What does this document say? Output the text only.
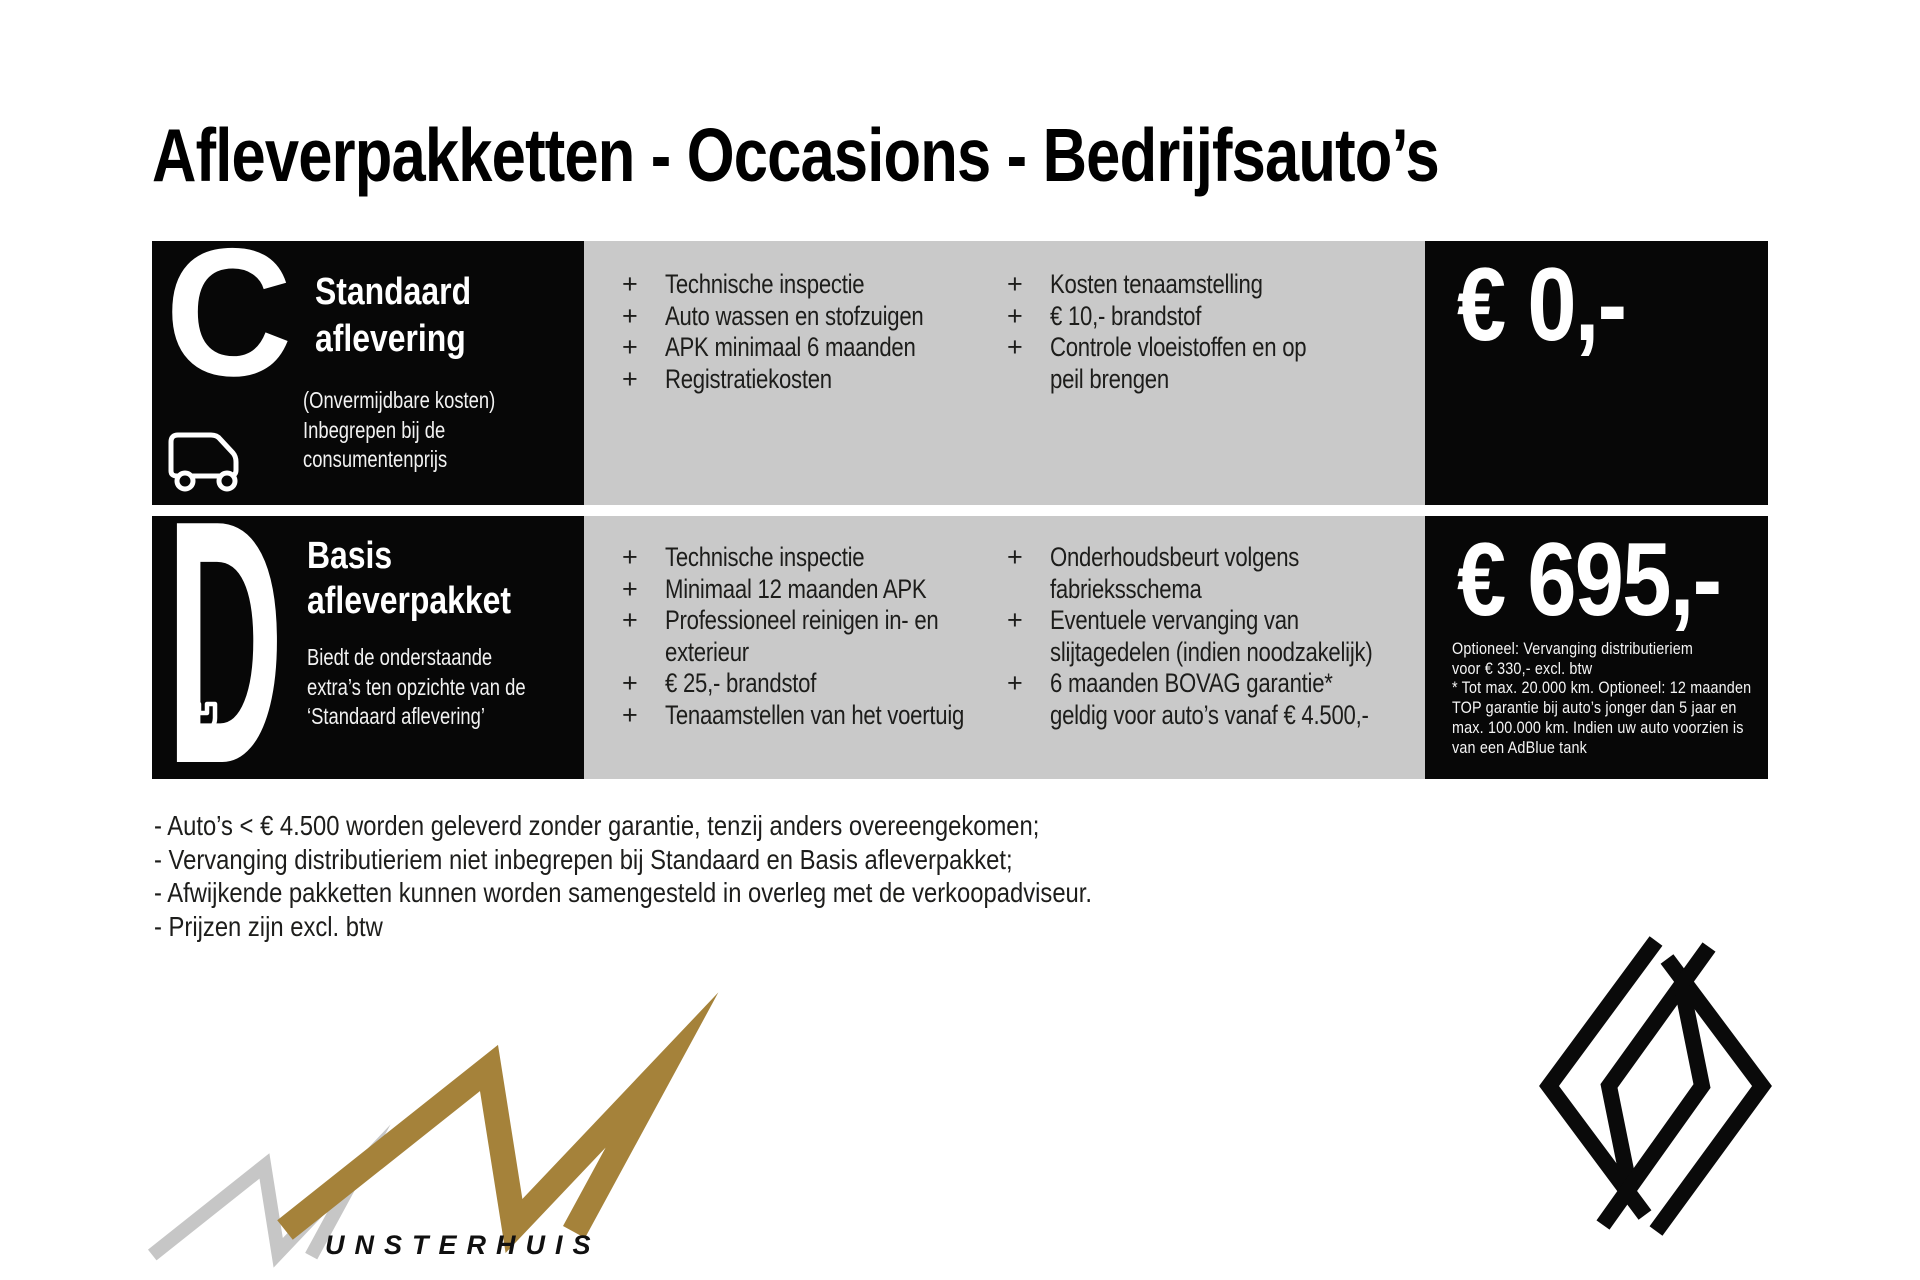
Afleverpakketten - Occasions - Bedrijfsauto’s
C Standaard
aflevering
(Onvermijdbare kosten)
Inbegrepen bij de
consumentenprijs
+ Technische inspectie
+ Auto wassen en stofzuigen
+ APK minimaal 6 maanden
+ Registratiekosten
+ Kosten tenaamstelling
+ € 10,- brandstof
+ Controle vloeistoffen en op
peil brengen
€ 0,-
D Basis
afleverpakket
Biedt de onderstaande
extra’s ten opzichte van de
‘Standaard aflevering’
+ Technische inspectie
+ Minimaal 12 maanden APK
+ Professioneel reinigen in- en
exterieur
+ € 25,- brandstof
+ Tenaamstellen van het voertuig
+ Onderhoudsbeurt volgens
fabrieksschema
+ Eventuele vervanging van
slijtagedelen (indien noodzakelijk)
+ 6 maanden BOVAG garantie*
geldig voor auto’s vanaf € 4.500,-
€ 695,-
Optioneel: Vervanging distributieriem
voor € 330,- excl. btw
* Tot max. 20.000 km. Optioneel: 12 maanden
TOP garantie bij auto’s jonger dan 5 jaar en
max. 100.000 km. Indien uw auto voorzien is
van een AdBlue tank
- Auto’s < € 4.500 worden geleverd zonder garantie, tenzij anders overeengekomen;
- Vervanging distributieriem niet inbegrepen bij Standaard en Basis afleverpakket;
- Afwijkende pakketten kunnen worden samengesteld in overleg met de verkoopadviseur.
- Prijzen zijn excl. btw
UNSTERHUIS
